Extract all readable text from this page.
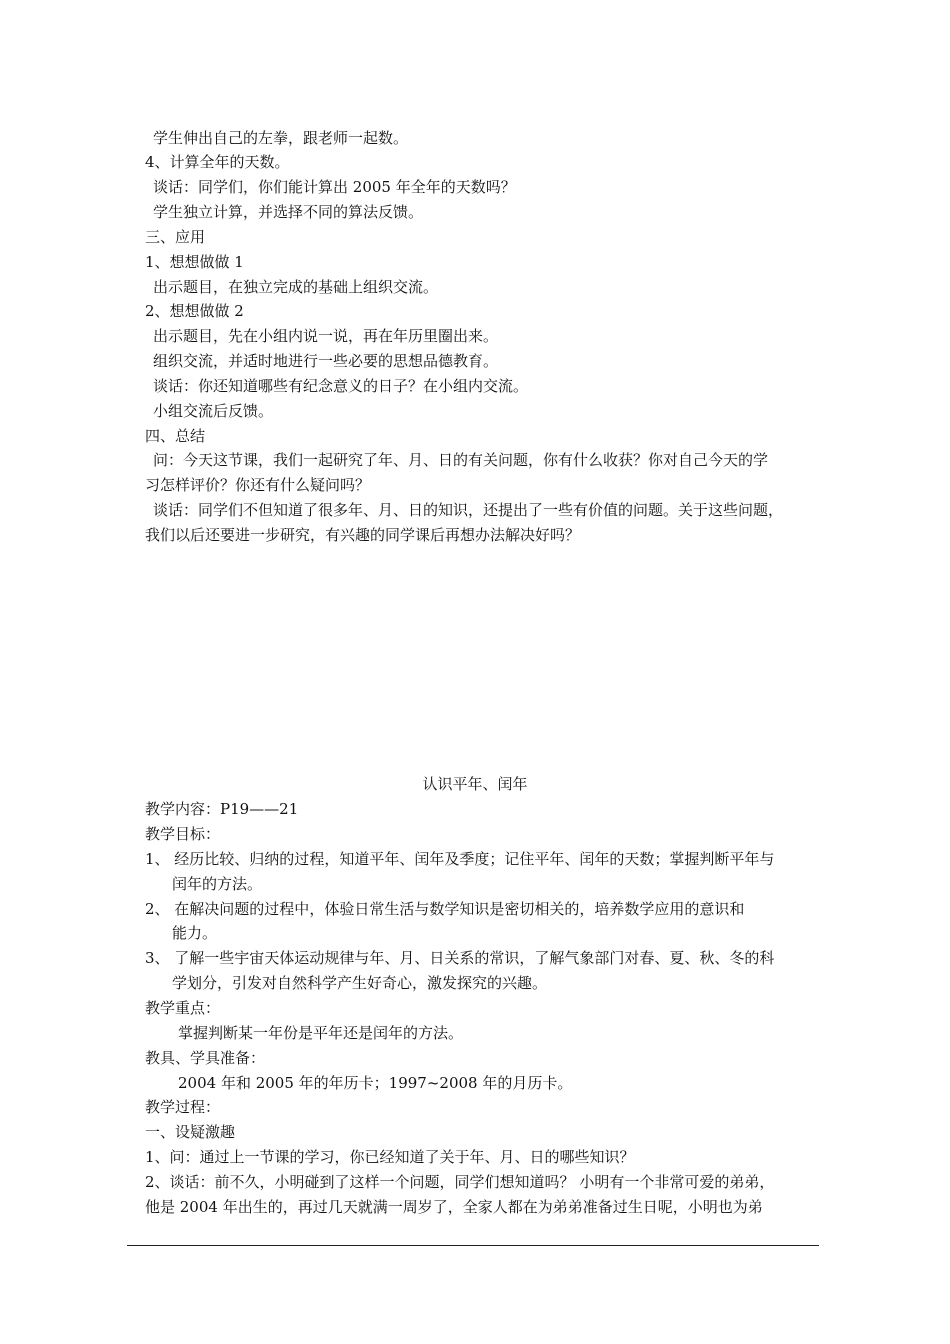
学生伸出自己的左拳，跟老师一起数。
4、计算全年的天数。
谈话：同学们，你们能计算出 2005 年全年的天数吗？
学生独立计算，并选择不同的算法反馈。
三、应用
1、想想做做 1
出示题目，在独立完成的基础上组织交流。
2、想想做做 2
出示题目，先在小组内说一说，再在年历里圈出来。
组织交流，并适时地进行一些必要的思想品德教育。
谈话：你还知道哪些有纪念意义的日子？在小组内交流。
小组交流后反馈。
四、总结
问：今天这节课，我们一起研究了年、月、日的有关问题，你有什么收获？你对自己今天的学
习怎样评价？你还有什么疑问吗？
谈话：同学们不但知道了很多年、月、日的知识，还提出了一些有价值的问题。关于这些问题，
我们以后还要进一步研究，有兴趣的同学课后再想办法解决好吗？
认识平年、闰年
教学内容：P19——21
教学目标：
1、 经历比较、归纳的过程，知道平年、闰年及季度；记住平年、闰年的天数；掌握判断平年与
闰年的方法。
2、 在解决问题的过程中，体验日常生活与数学知识是密切相关的，培养数学应用的意识和
能力。
3、 了解一些宇宙天体运动规律与年、月、日关系的常识，了解气象部门对春、夏、秋、冬的科
学划分，引发对自然科学产生好奇心，激发探究的兴趣。
教学重点：
掌握判断某一年份是平年还是闰年的方法。
教具、学具准备：
2004 年和 2005 年的年历卡；1997~2008 年的月历卡。
教学过程：
一、设疑激趣
1、问：通过上一节课的学习，你已经知道了关于年、月、日的哪些知识？
2、谈话：前不久，小明碰到了这样一个问题，同学们想知道吗？ 小明有一个非常可爱的弟弟，
他是 2004 年出生的，再过几天就满一周岁了，全家人都在为弟弟准备过生日呢，小明也为弟
